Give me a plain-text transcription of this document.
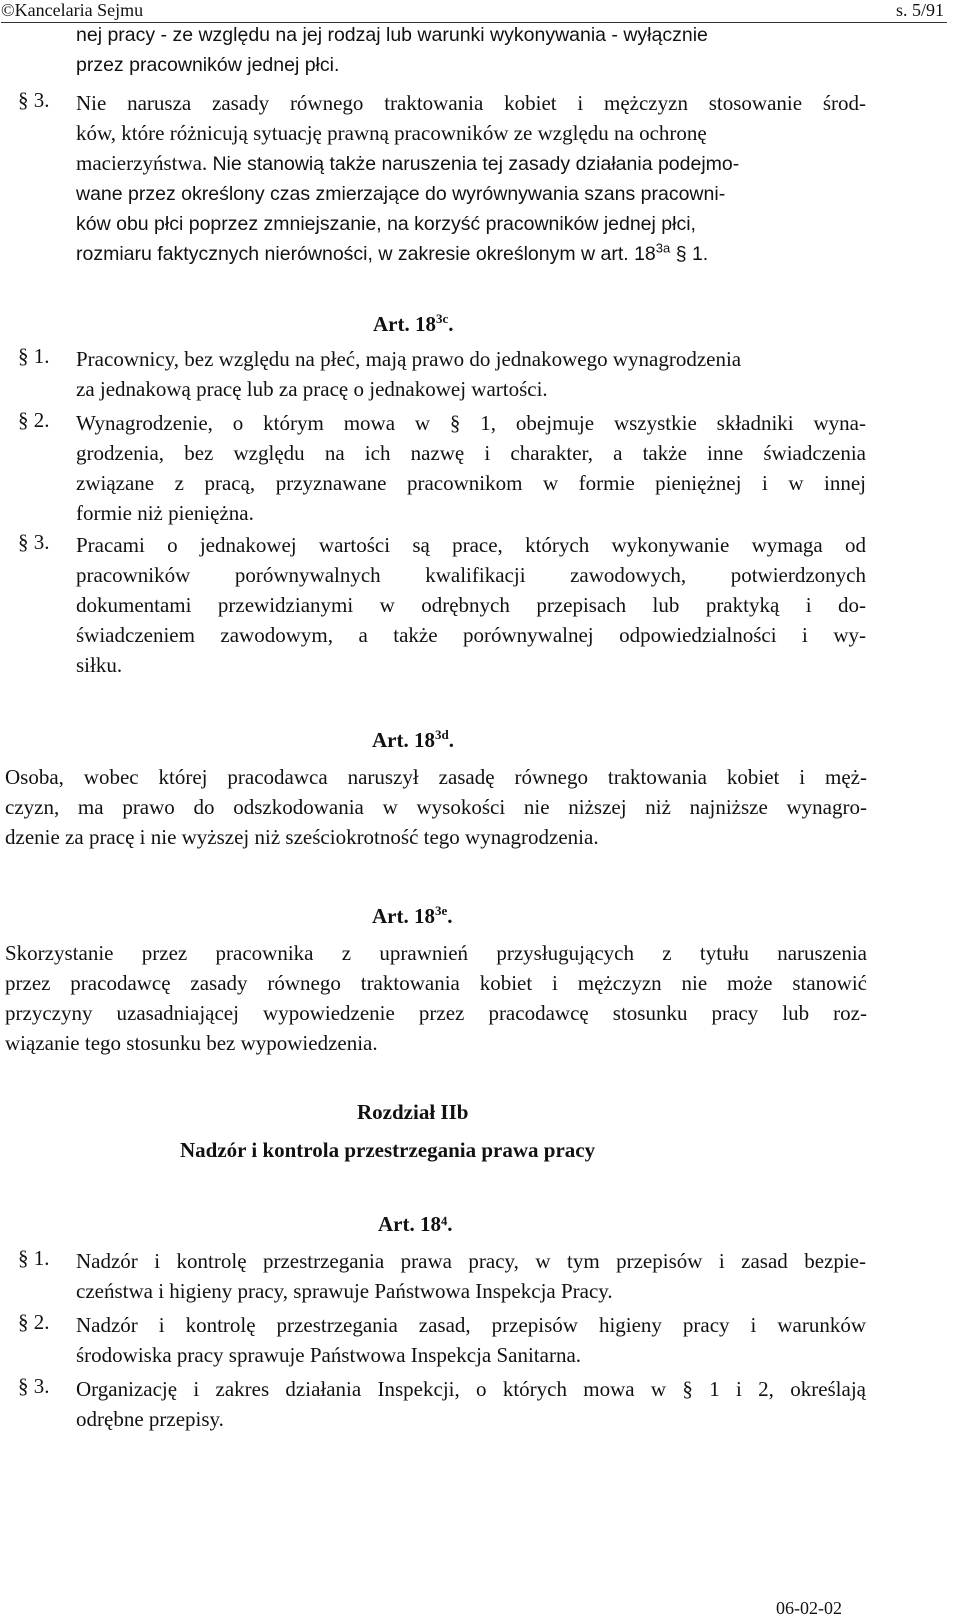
©Kancelaria Sejmu	s. 5/91
nej pracy - ze względu na jej rodzaj lub warunki wykonywania - wyłącznie
przez pracowników jednej płci.
§ 3. Nie narusza zasady równego traktowania kobiet i mężczyzn stosowanie środ-
ków, które różnicują sytuację prawną pracowników ze względu na ochronę
macierzyństwa. Nie stanowią także naruszenia tej zasady działania podejmo-
wane przez określony czas zmierzające do wyrównywania szans pracowni-
ków obu płci poprzez zmniejszanie, na korzyść pracowników jednej płci,
rozmiaru faktycznych nierówności, w zakresie określonym w art. $18^{3a}$ § 1.
Art. $18^{3c}$.
§ 1. Pracownicy, bez względu na płeć, mają prawo do jednakowego wynagrodzenia
za jednakową pracę lub za pracę o jednakowej wartości.
§ 2. Wynagrodzenie, o którym mowa w § 1, obejmuje wszystkie składniki wyna-
grodzenia, bez względu na ich nazwę i charakter, a także inne świadczenia
związane z pracą, przyznawane pracownikom w formie pieniężnej i w innej
formie niż pieniężna.
§ 3. Pracami o jednakowej wartości są prace, których wykonywanie wymaga od
pracowników porównywalnych kwalifikacji zawodowych, potwierdzonych
dokumentami przewidzianymi w odrębnych przepisach lub praktyką i do-
świadczeniem zawodowym, a także porównywalnej odpowiedzialności i wy-
siłku.
Art. $18^{3d}$.
Osoba, wobec której pracodawca naruszył zasadę równego traktowania kobiet i męż-
czyzn, ma prawo do odszkodowania w wysokości nie niższej niż najniższe wynagro-
dzenie za pracę i nie wyższej niż sześciokrotność tego wynagrodzenia.
Art. $18^{3e}$.
Skorzystanie przez pracownika z uprawnień przysługujących z tytułu naruszenia
przez pracodawcę zasady równego traktowania kobiet i mężczyzn nie może stanowić
przyczyny uzasadniającej wypowiedzenie przez pracodawcę stosunku pracy lub roz-
wiązanie tego stosunku bez wypowiedzenia.
Rozdział IIb
Nadzór i kontrola przestrzegania prawa pracy
Art. 18⁴.
§ 1. Nadzór i kontrolę przestrzegania prawa pracy, w tym przepisów i zasad bezpie-
czeństwa i higieny pracy, sprawuje Państwowa Inspekcja Pracy.
§ 2. Nadzór i kontrolę przestrzegania zasad, przepisów higieny pracy i warunków
środowiska pracy sprawuje Państwowa Inspekcja Sanitarna.
§ 3. Organizację i zakres działania Inspekcji, o których mowa w § 1 i 2, określają
odrębne przepisy.
06-02-02
